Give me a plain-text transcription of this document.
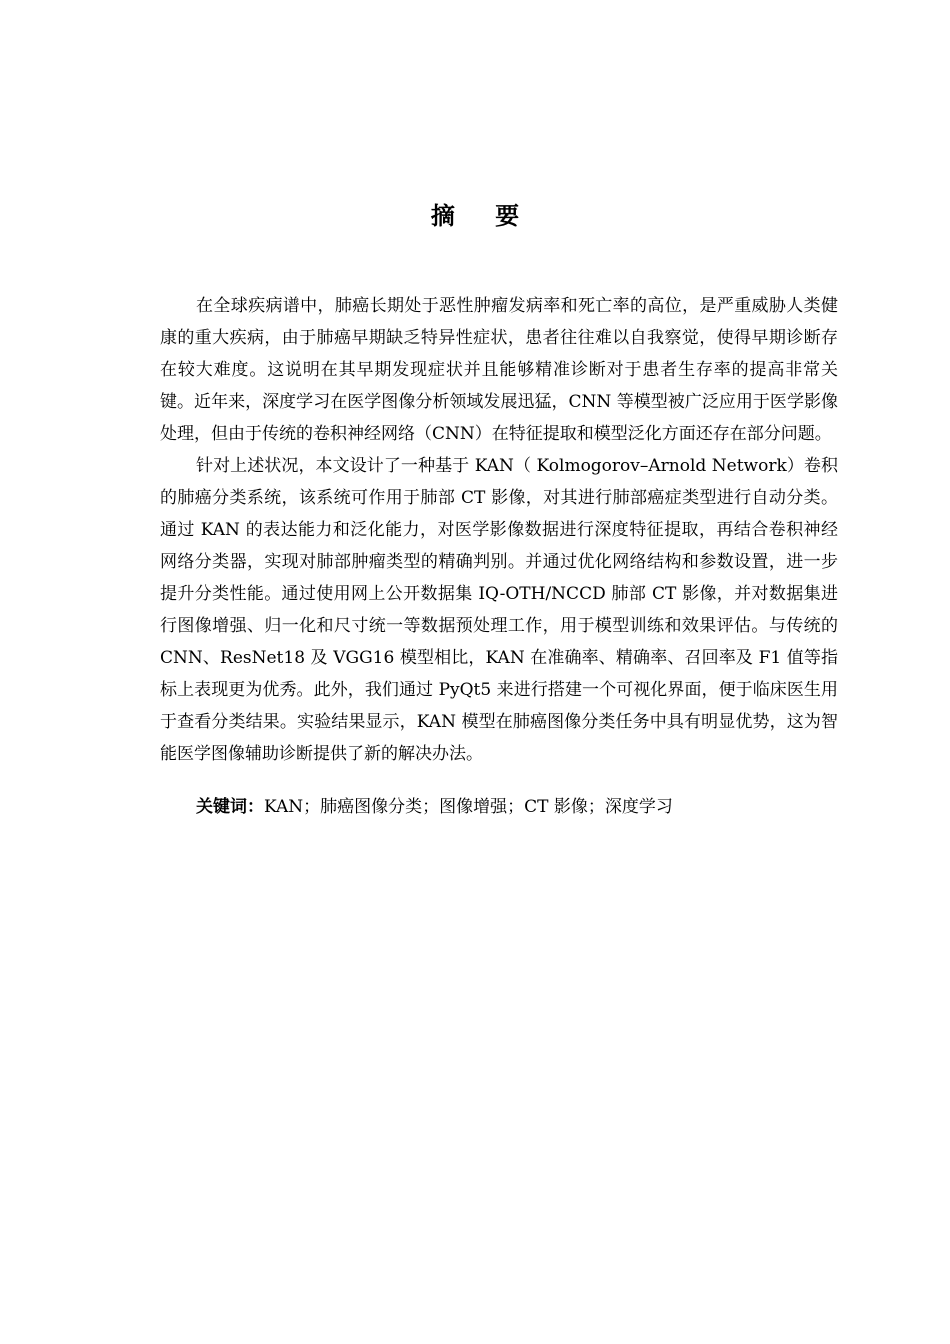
摘 要

在全球疾病谱中，肺癌长期处于恶性肿瘤发病率和死亡率的高位，是严重威胁人类健康的重大疾病，由于肺癌早期缺乏特异性症状，患者往往难以自我察觉，使得早期诊断存在较大难度。这说明在其早期发现症状并且能够精准诊断对于患者生存率的提高非常关键。近年来，深度学习在医学图像分析领域发展迅猛，CNN 等模型被广泛应用于医学影像处理，但由于传统的卷积神经网络（CNN）在特征提取和模型泛化方面还存在部分问题。

针对上述状况，本文设计了一种基于 KAN（ Kolmogorov–Arnold Network）卷积的肺癌分类系统，该系统可作用于肺部 CT 影像，对其进行肺部癌症类型进行自动分类。通过 KAN 的表达能力和泛化能力，对医学影像数据进行深度特征提取，再结合卷积神经网络分类器，实现对肺部肿瘤类型的精确判别。并通过优化网络结构和参数设置，进一步提升分类性能。通过使用网上公开数据集 IQ-OTH/NCCD 肺部 CT 影像，并对数据集进行图像增强、归一化和尺寸统一等数据预处理工作，用于模型训练和效果评估。与传统的 CNN、ResNet18 及 VGG16 模型相比，KAN 在准确率、精确率、召回率及 F1 值等指标上表现更为优秀。此外，我们通过 PyQt5 来进行搭建一个可视化界面，便于临床医生用于查看分类结果。实验结果显示，KAN 模型在肺癌图像分类任务中具有明显优势，这为智能医学图像辅助诊断提供了新的解决办法。

关键词：KAN；肺癌图像分类；图像增强；CT 影像；深度学习
